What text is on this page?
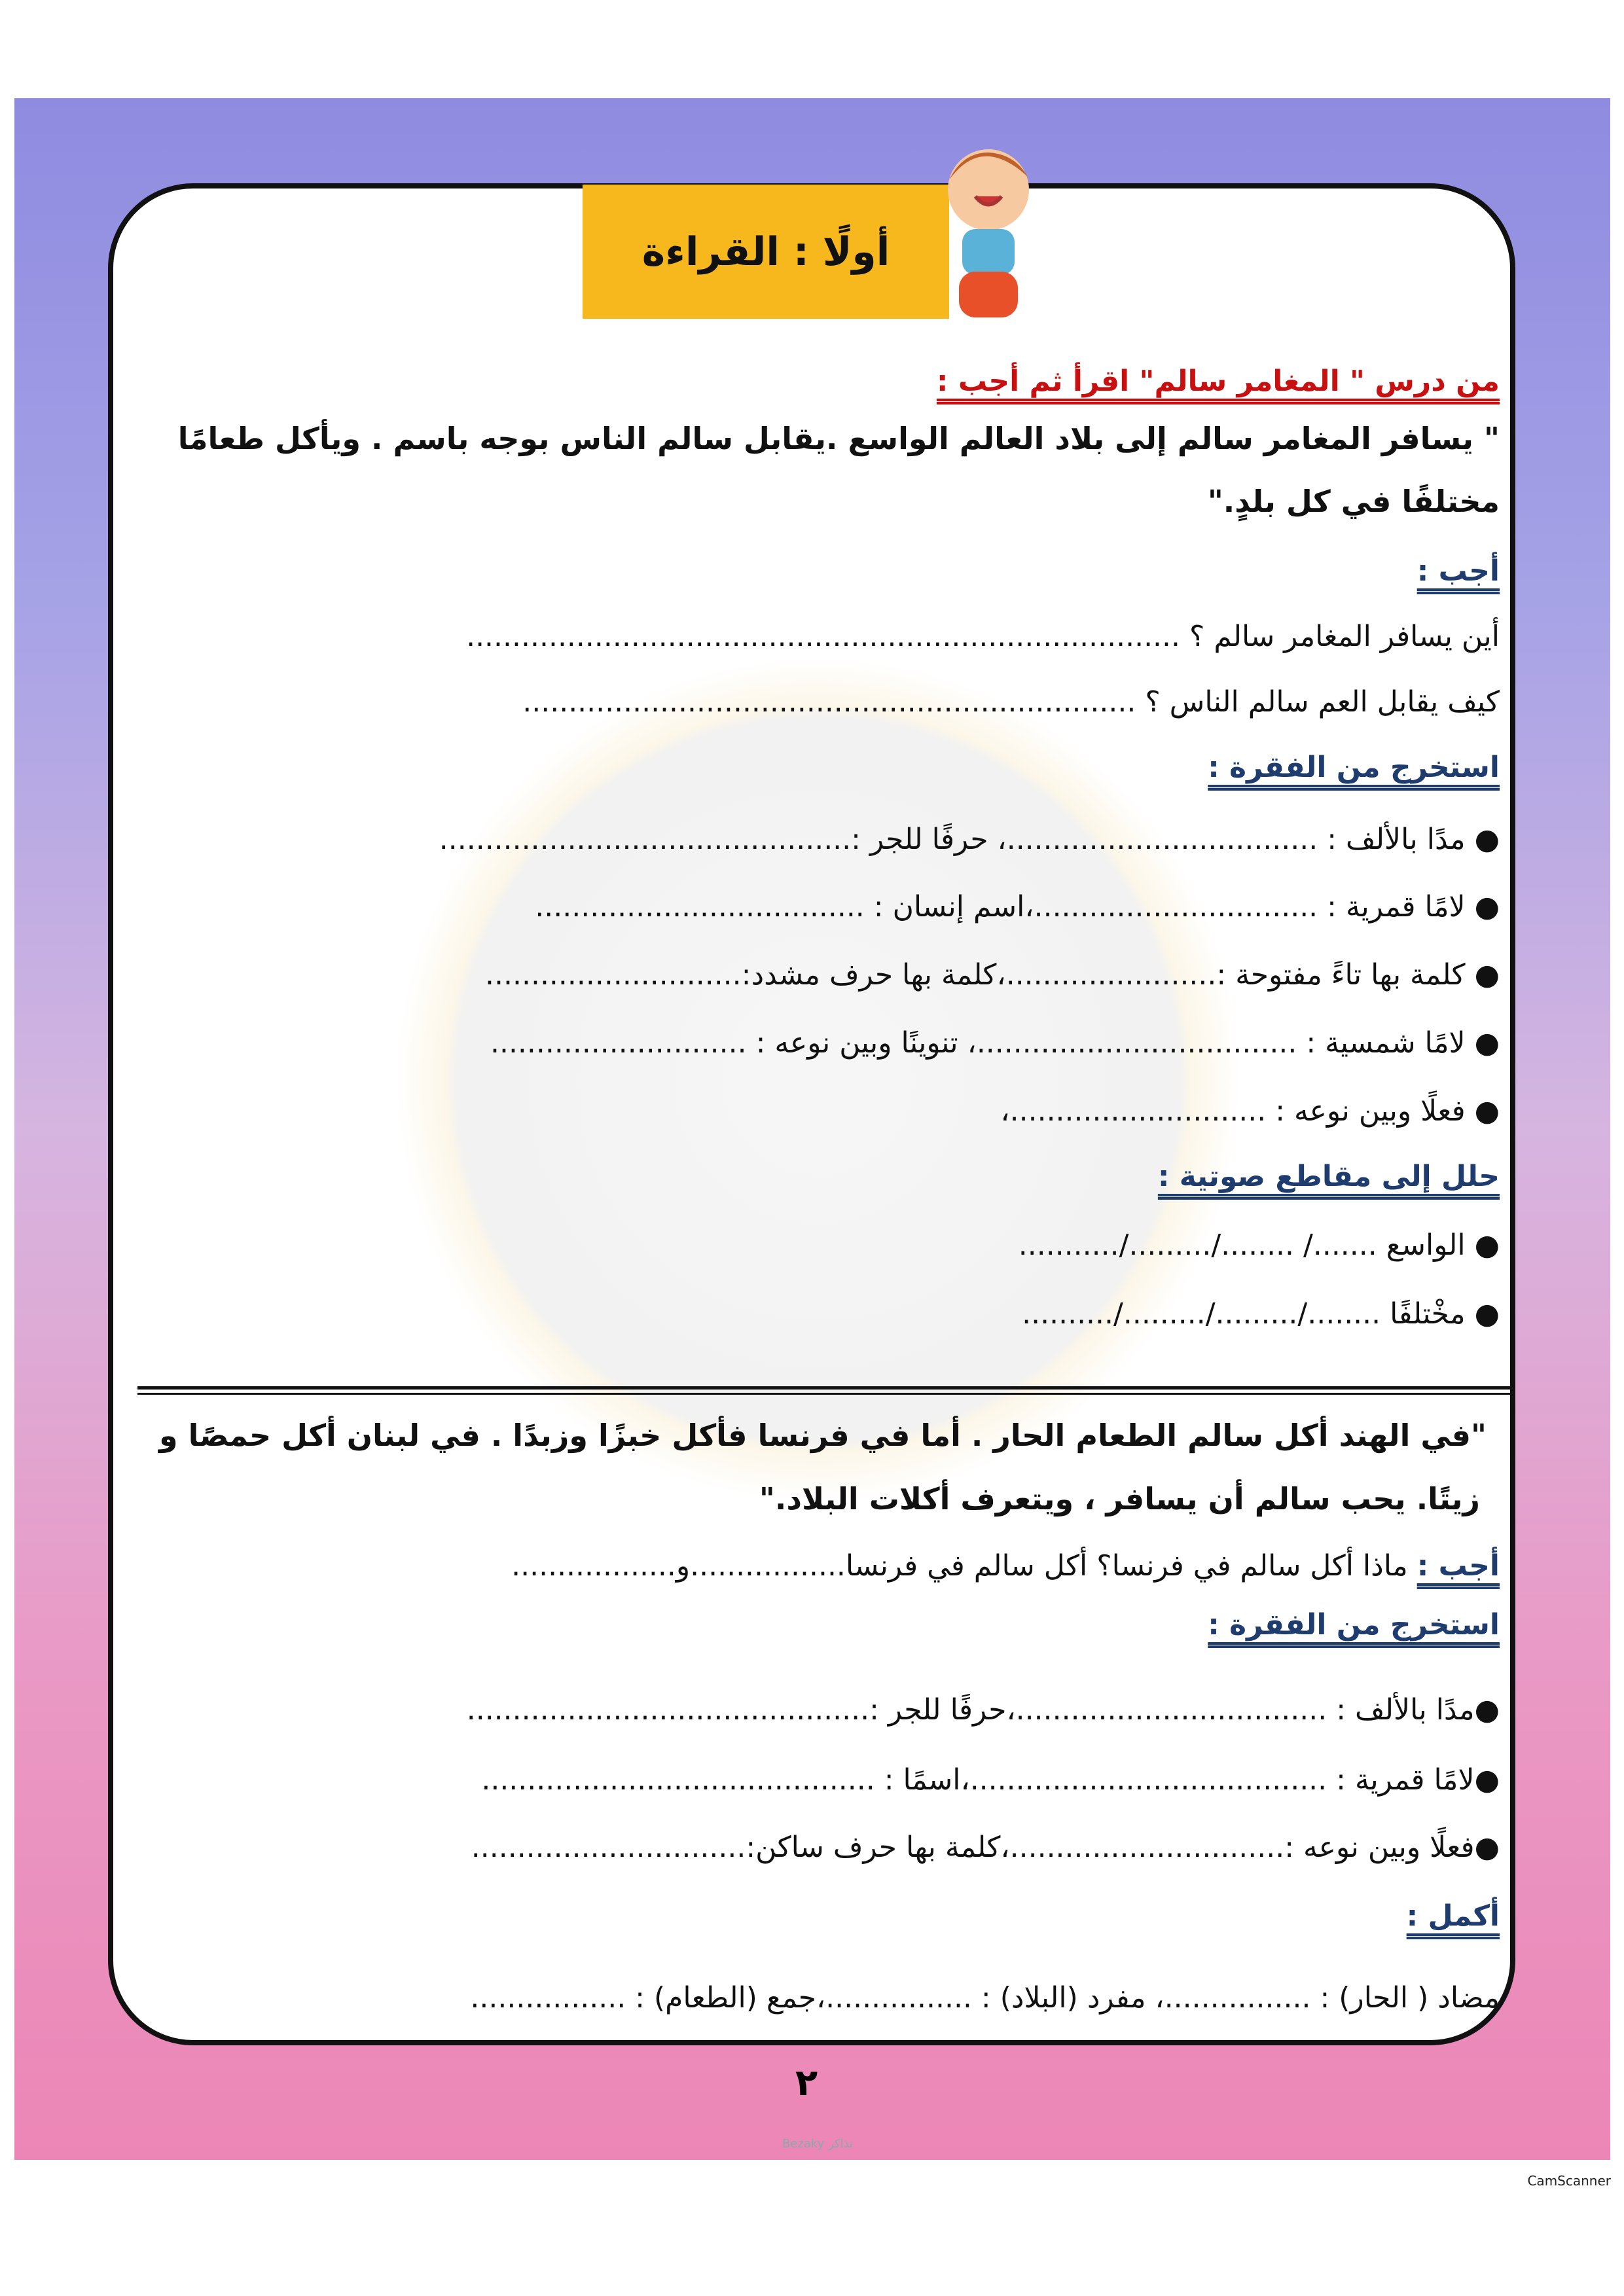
أولًا : القراءة
من درس " المغامر سالم" اقرأ ثم أجب :
" يسافر المغامر سالم إلى بلاد العالم الواسع .يقابل سالم الناس بوجه باسم . ويأكل طعامًا
مختلفًا في كل بلدٍ."
أجب :
أين يسافر المغامر سالم ؟ ..............................................................................
كيف يقابل العم سالم الناس ؟ ...................................................................
استخرج من الفقرة :
● مدًا بالألف : ..................................، حرفًا للجر :.............................................
● لامًا قمرية : ...............................،اسم إنسان : ....................................
● كلمة بها تاءً مفتوحة :.......................،كلمة بها حرف مشدد:............................
● لامًا شمسية : ...................................، تنوينًا وبين نوعه : ............................
● فعلًا وبين نوعه : ............................،
حلل إلى مقاطع صوتية :
● الواسع ......./ ......../........./...........
● مخْتلفًا ......../........./........./..........
"في الهند أكل سالم الطعام الحار . أما في فرنسا فأكل خبزًا وزبدًا . في لبنان أكل حمصًا و
زيتًا. يحب سالم أن يسافر ، ويتعرف أكلات البلاد."
أجب : ماذا أكل سالم في فرنسا؟ أكل سالم في فرنسا.................و..................
استخرج من الفقرة :
●مدًا بالألف : ..................................،حرفًا للجر :............................................
●لامًا قمرية : .......................................،اسمًا : ...........................................
●فعلًا وبين نوعه :..............................،كلمة بها حرف ساكن:..............................
أكمل :
مضاد ( الحار) : ................، مفرد (البلاد) : ................،جمع (الطعام) : .................
٢
Bezaky تذاكر
CamScanner
